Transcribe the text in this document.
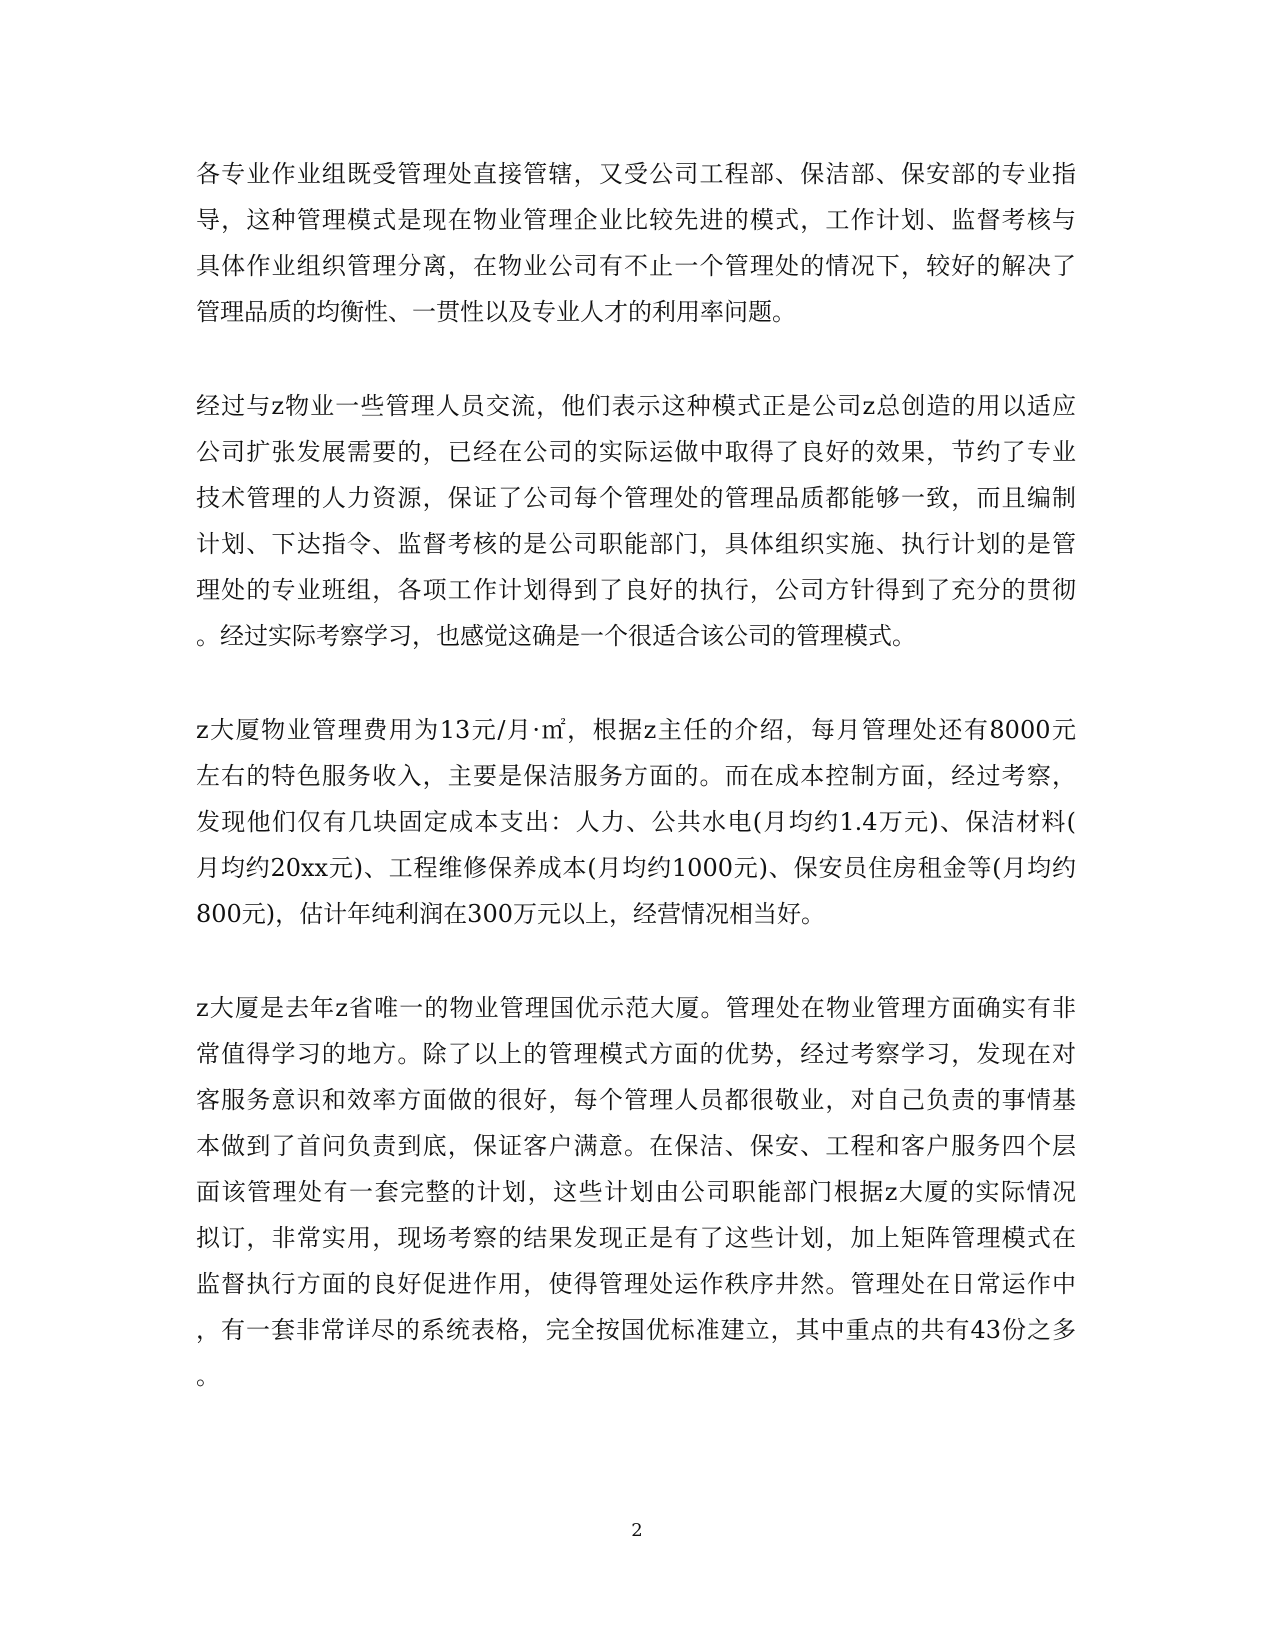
各专业作业组既受管理处直接管辖，又受公司工程部、保洁部、保安部的专业指
导，这种管理模式是现在物业管理企业比较先进的模式，工作计划、监督考核与
具体作业组织管理分离，在物业公司有不止一个管理处的情况下，较好的解决了
管理品质的均衡性、一贯性以及专业人才的利用率问题。
经过与z物业一些管理人员交流，他们表示这种模式正是公司z总创造的用以适应
公司扩张发展需要的，已经在公司的实际运做中取得了良好的效果，节约了专业
技术管理的人力资源，保证了公司每个管理处的管理品质都能够一致，而且编制
计划、下达指令、监督考核的是公司职能部门，具体组织实施、执行计划的是管
理处的专业班组，各项工作计划得到了良好的执行，公司方针得到了充分的贯彻
。经过实际考察学习，也感觉这确是一个很适合该公司的管理模式。
z大厦物业管理费用为13元/月·㎡，根据z主任的介绍，每月管理处还有8000元
左右的特色服务收入，主要是保洁服务方面的。而在成本控制方面，经过考察，
发现他们仅有几块固定成本支出：人力、公共水电(月均约1.4万元)、保洁材料(
月均约20xx元)、工程维修保养成本(月均约1000元)、保安员住房租金等(月均约
800元)，估计年纯利润在300万元以上，经营情况相当好。
z大厦是去年z省唯一的物业管理国优示范大厦。管理处在物业管理方面确实有非
常值得学习的地方。除了以上的管理模式方面的优势，经过考察学习，发现在对
客服务意识和效率方面做的很好，每个管理人员都很敬业，对自己负责的事情基
本做到了首问负责到底，保证客户满意。在保洁、保安、工程和客户服务四个层
面该管理处有一套完整的计划，这些计划由公司职能部门根据z大厦的实际情况
拟订，非常实用，现场考察的结果发现正是有了这些计划，加上矩阵管理模式在
监督执行方面的良好促进作用，使得管理处运作秩序井然。管理处在日常运作中
，有一套非常详尽的系统表格，完全按国优标准建立，其中重点的共有43份之多
。
2
